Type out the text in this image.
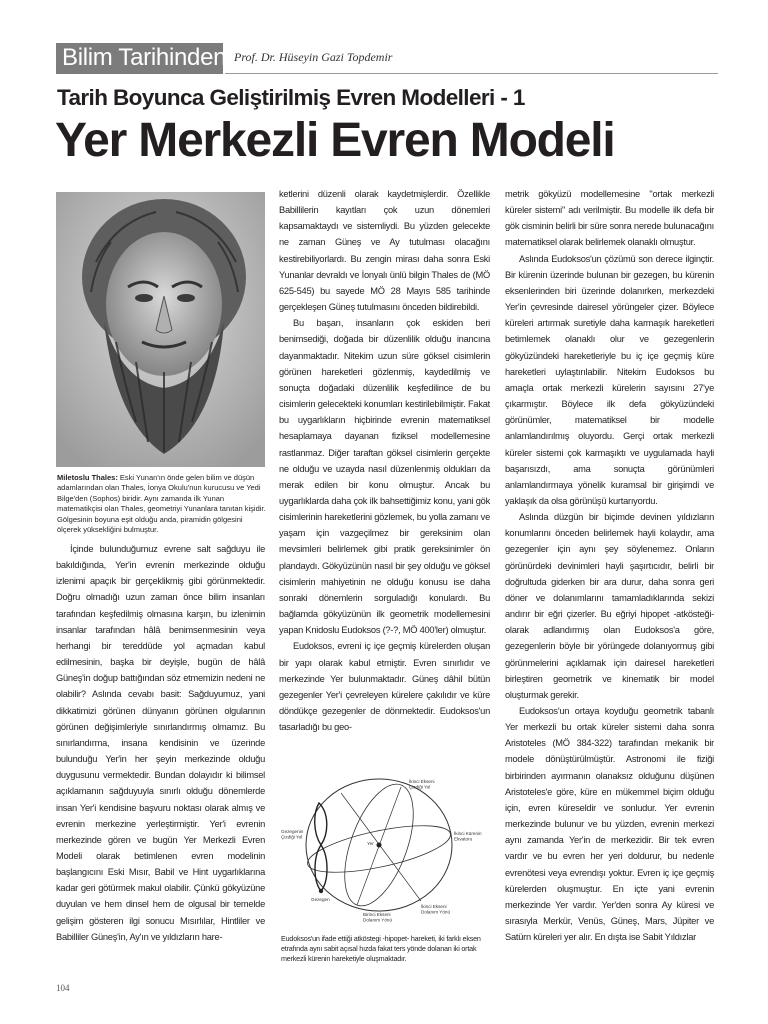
Bilim Tarihinden Prof. Dr. Hüseyin Gazi Topdemir
Tarih Boyunca Geliştirilmiş Evren Modelleri - 1
Yer Merkezli Evren Modeli
Miletoslu Thales: Eski Yunan'ın önde gelen bilim ve düşün adamlarından olan Thales, İonya Okulu'nun kurucusu ve Yedi Bilge'den (Sophos) biridir. Aynı zamanda ilk Yunan matematikçisi olan Thales, geometriyi Yunanlara tanıtan kişidir. Gölgesinin boyuna eşit olduğu anda, piramidin gölgesini ölçerek yüksekliğini bulmuştur.

İçinde bulunduğumuz evrene salt sağduyu ile bakıldığında, Yer'in evrenin merkezinde olduğu izlenimi apaçık bir gerçeklikmiş gibi görünmektedir. Doğru olmadığı uzun zaman önce bilim insanları tarafından keşfedilmiş olmasına karşın, bu izlenimin insanlar tarafından hâlâ benimsenmesinin veya herhangi bir tereddüde yol açmadan kabul edilmesinin, başka bir deyişle, bugün de hâlâ Güneş'in doğup battığından söz etmemizin nedeni ne olabilir? Aslında cevabı basit: Sağduyumuz, yani dikkatimizi görünen dünyanın görünen olgularının görünen değişimleriyle sınırlandırmış olmamız. Bu sınırlandırma, insana kendisinin ve üzerinde bulunduğu Yer'in her şeyin merkezinde olduğu duygusunu vermektedir. Bundan dolayıdır ki bilimsel açıklamanın sağduyuyla sınırlı olduğu dönemlerde insan Yer'i kendisine başvuru noktası olarak almış ve evrenin merkezine yerleştirmiştir. Yer'i evrenin merkezinde gören ve bugün Yer Merkezli Evren Modeli olarak betimlenen evren modelinin başlangıcını Eski Mısır, Babil ve Hint uygarlıklarına kadar geri götürmek makul olabilir. Çünkü gökyüzüne duyulan ve hem dinsel hem de olgusal bir temelde gelişim gösteren ilgi sonucu Mısırlılar, Hintliler ve Babilliler Güneş'in, Ay'ın ve yıldızların hare-

ketlerini düzenli olarak kaydetmişlerdir. Özellikle Babillilerin kayıtları çok uzun dönemleri kapsamaktaydı ve sistemliydi. Bu yüzden gelecekte ne zaman Güneş ve Ay tutulması olacağını kestirebiliyorlardı. Bu zengin mirası daha sonra Eski Yunanlar devraldı ve İonyalı ünlü bilgin Thales de (MÖ 625-545) bu sayede MÖ 28 Mayıs 585 tarihinde gerçekleşen Güneş tutulmasını önceden bildirebildi.

Bu başarı, insanların çok eskiden beri benimsediği, doğada bir düzenlilik olduğu inancına dayanmaktadır. Nitekim uzun süre göksel cisimlerin görünen hareketleri gözlenmiş, kaydedilmiş ve sonuçta doğadaki düzenlilik keşfedilince de bu cisimlerin gelecekteki konumları kestirilebilmiştir. Fakat bu uygarlıkların hiçbirinde evrenin matematiksel hesaplamaya dayanan fiziksel modellemesine rastlanmaz. Diğer taraftan göksel cisimlerin gerçekte ne olduğu ve uzayda nasıl düzenlenmiş oldukları da merak edilen bir konu olmuştur. Ancak bu uygarlıklarda daha çok ilk bahsettiğimiz konu, yani gök cisimlerinin hareketlerini gözlemek, bu yolla zamanı ve yaşam için vazgeçilmez bir gereksinim olan mevsimleri belirlemek gibi pratik gereksinimler ön plandaydı. Gökyüzünün nasıl bir şey olduğu ve göksel cisimlerin mahiyetinin ne olduğu konusu ise daha sonraki dönemlerin sorguladığı konulardı. Bu bağlamda gökyüzünün ilk geometrik modellemesini yapan Knidoslu Eudoksos (?-?, MÖ 400'ler) olmuştur.

Eudoksos, evreni iç içe geçmiş kürelerden oluşan bir yapı olarak kabul etmiştir. Evren sınırlıdır ve merkezinde Yer bulunmaktadır. Güneş dâhil bütün gezegenler Yer'i çevreleyen kürelere çakılıdır ve küre döndükçe gezegenler de dönmektedir. Eudoksos'un tasarladığı bu geo-

İkinci Ekseni Çizdiği Yol
Gezegenin Çizdiği Yol
Yer
İkinci Kürenin Ekvatoru
Gezegen
Birinci Ekseni Dolanım Yönü
İkinci Ekseni Dolanım Yönü
Eudoksos'un ifade ettiği atköstegi -hipopet- hareketi, iki farklı eksen etrafında aynı sabit açısal hızda fakat ters yönde dolanan iki ortak merkezli kürenin hareketiyle oluşmaktadır.

metrik gökyüzü modellemesine "ortak merkezli küreler sistemi" adı verilmiştir. Bu modelle ilk defa bir gök cisminin belirli bir süre sonra nerede bulunacağını matematiksel olarak belirlemek olanaklı olmuştur.

Aslında Eudoksos'un çözümü son derece ilginçtir. Bir kürenin üzerinde bulunan bir gezegen, bu kürenin eksenlerinden biri üzerinde dolanırken, merkezdeki Yer'in çevresinde dairesel yörüngeler çizer. Böylece küreleri artırmak suretiyle daha karmaşık hareketleri betimlemek olanaklı olur ve gezegenlerin gökyüzündeki hareketleriyle bu iç içe geçmiş küre hareketleri uylaştırılabilir. Nitekim Eudoksos bu amaçla ortak merkezli kürelerin sayısını 27'ye çıkarmıştır. Böylece ilk defa gökyüzündeki görünümler, matematiksel bir modelle anlamlandırılmış oluyordu. Gerçi ortak merkezli küreler sistemi çok karmaşıktı ve uygulamada hayli başarısızdı, ama sonuçta görünümleri anlamlandırmaya yönelik kuramsal bir girişimdi ve yaklaşık da olsa görünüşü kurtarıyordu.

Aslında düzgün bir biçimde devinen yıldızların konumlarını önceden belirlemek hayli kolaydır, ama gezegenler için aynı şey söylenemez. Onların görünürdeki devinimleri hayli şaşırtıcıdır, belirli bir doğrultuda giderken bir ara durur, daha sonra geri döner ve dolanımlarını tamamladıklarında sekizi andırır bir eğri çizerler. Bu eğriyi hipopet -atkösteği- olarak adlandırmış olan Eudoksos'a göre, gezegenlerin böyle bir yörüngede dolanıyormuş gibi görünmelerini açıklamak için dairesel hareketleri birleştiren geometrik ve kinematik bir model oluşturmak gerekir.

Eudoksos'un ortaya koyduğu geometrik tabanlı Yer merkezli bu ortak küreler sistemi daha sonra Aristoteles (MÖ 384-322) tarafından mekanik bir modele dönüştürülmüştür. Astronomi ile fiziği birbirinden ayırmanın olanaksız olduğunu düşünen Aristoteles'e göre, küre en mükemmel biçim olduğu için, evren küreseldir ve sonludur. Yer evrenin merkezinde bulunur ve bu yüzden, evrenin merkezi aynı zamanda Yer'in de merkezidir. Bir tek evren vardır ve bu evren her yeri doldurur, bu nedenle evrenötesi veya evrendışı yoktur. Evren iç içe geçmiş kürelerden oluşmuştur. En içte yani evrenin merkezinde Yer vardır. Yer'den sonra Ay küresi ve sırasıyla Merkür, Venüs, Güneş, Mars, Jüpiter ve Satürn küreleri yer alır. En dışta ise Sabit Yıldızlar

104
